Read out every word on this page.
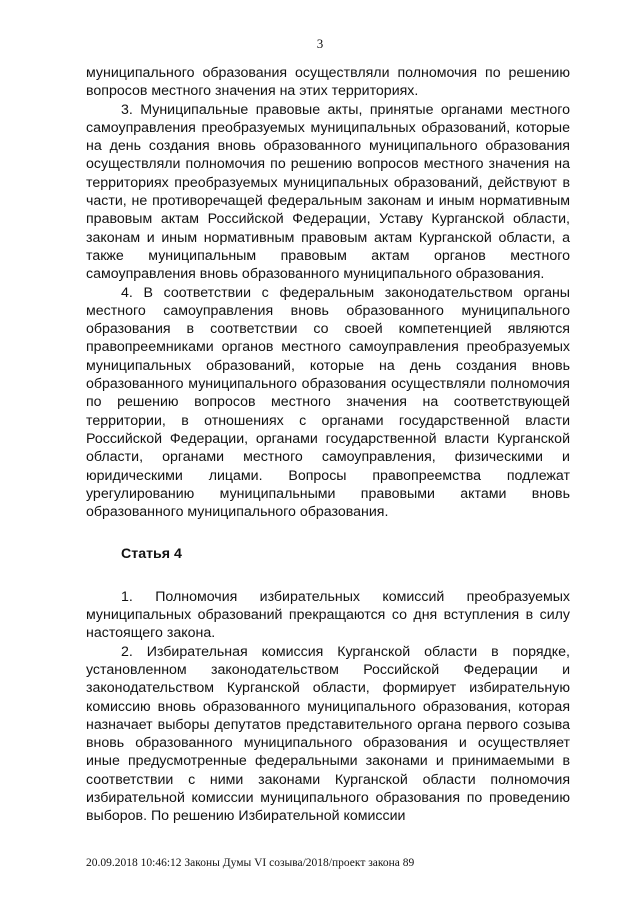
3

муниципального образования осуществляли полномочия по решению вопросов местного значения на этих территориях.

3. Муниципальные правовые акты, принятые органами местного самоуправления преобразуемых муниципальных образований, которые на день создания вновь образованного муниципального образования осуществляли полномочия по решению вопросов местного значения на территориях преобразуемых муниципальных образований, действуют в части, не противоречащей федеральным законам и иным нормативным правовым актам Российской Федерации, Уставу Курганской области, законам и иным нормативным правовым актам Курганской области, а также муниципальным правовым актам органов местного самоуправления вновь образованного муниципального образования.

4. В соответствии с федеральным законодательством органы местного самоуправления вновь образованного муниципального образования в соответствии со своей компетенцией являются правопреемниками органов местного самоуправления преобразуемых муниципальных образований, которые на день создания вновь образованного муниципального образования осуществляли полномочия по решению вопросов местного значения на соответствующей территории, в отношениях с органами государственной власти Российской Федерации, органами государственной власти Курганской области, органами местного самоуправления, физическими и юридическими лицами. Вопросы правопреемства подлежат урегулированию муниципальными правовыми актами вновь образованного муниципального образования.

Статья 4

1. Полномочия избирательных комиссий преобразуемых муниципальных образований прекращаются со дня вступления в силу настоящего закона.

2. Избирательная комиссия Курганской области в порядке, установленном законодательством Российской Федерации и законодательством Курганской области, формирует избирательную комиссию вновь образованного муниципального образования, которая назначает выборы депутатов представительного органа первого созыва вновь образованного муниципального образования и осуществляет иные предусмотренные федеральными законами и принимаемыми в соответствии с ними законами Курганской области полномочия избирательной комиссии муниципального образования по проведению выборов. По решению Избирательной комиссии

20.09.2018 10:46:12 Законы Думы VI созыва/2018/проект закона 89
